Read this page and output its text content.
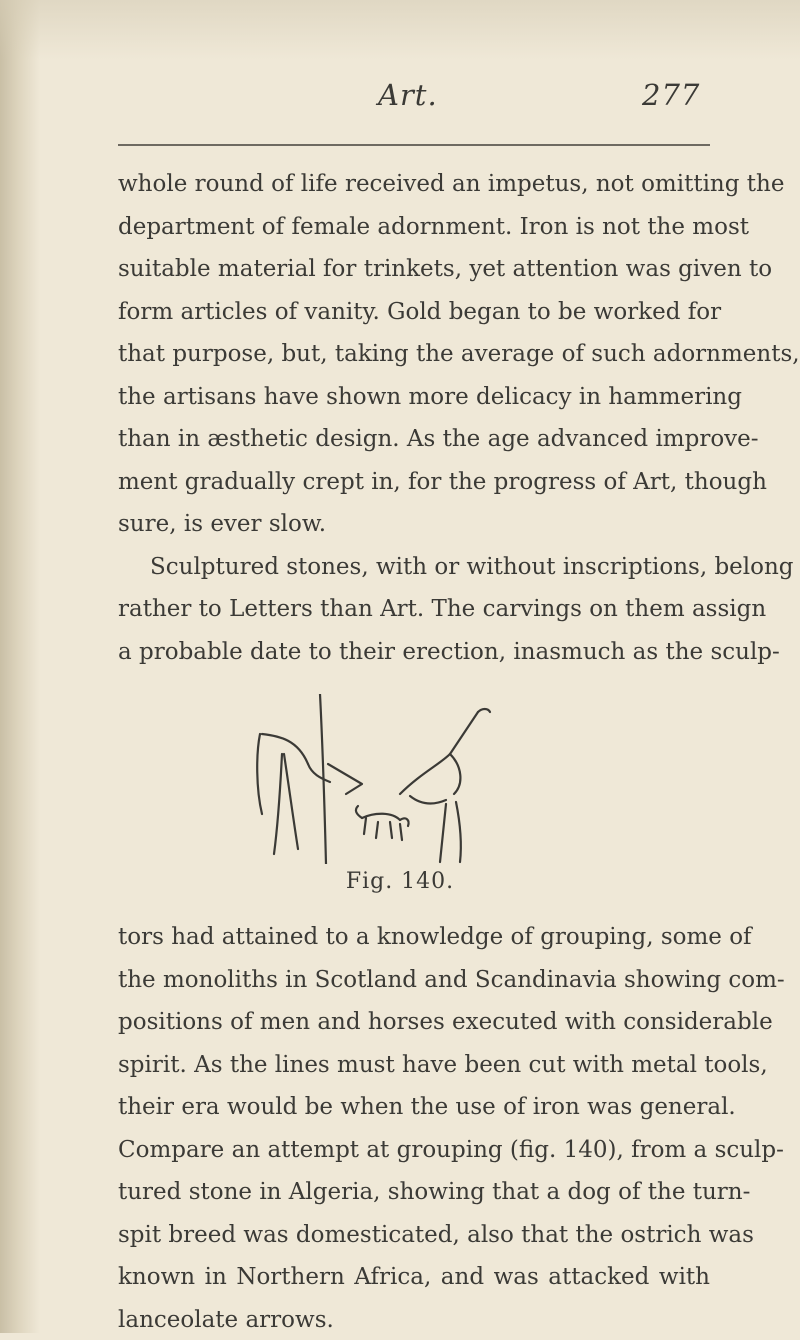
Art.	277
whole round of life received an impetus, not omitting the
department of female adornment. Iron is not the most
suitable material for trinkets, yet attention was given to
form articles of vanity. Gold began to be worked for
that purpose, but, taking the average of such adornments,
the artisans have shown more delicacy in hammering
than in æsthetic design. As the age advanced improve-
ment gradually crept in, for the progress of Art, though
sure, is ever slow.
Sculptured stones, with or without inscriptions, belong
rather to Letters than Art. The carvings on them assign
a probable date to their erection, inasmuch as the sculp-
Fig. 140.
tors had attained to a knowledge of grouping, some of
the monoliths in Scotland and Scandinavia showing com-
positions of men and horses executed with considerable
spirit. As the lines must have been cut with metal tools,
their era would be when the use of iron was general.
Compare an attempt at grouping (fig. 140), from a sculp-
tured stone in Algeria, showing that a dog of the turn-
spit breed was domesticated, also that the ostrich was
known in Northern Africa, and was attacked with
lanceolate arrows.
